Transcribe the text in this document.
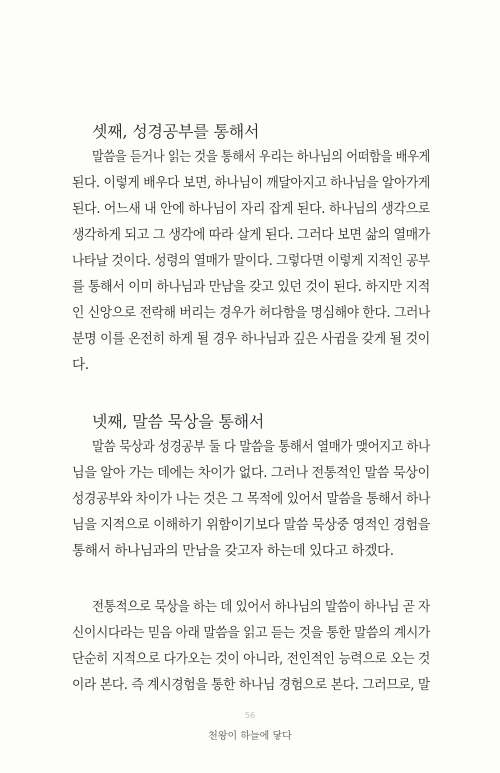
셋째, 성경공부를 통해서

말씀을 듣거나 읽는 것을 통해서 우리는 하나님의 어떠함을 배우게

된다. 이렇게 배우다 보면, 하나님이 깨달아지고 하나님을 알아가게

된다. 어느새 내 안에 하나님이 자리 잡게 된다. 하나님의 생각으로

생각하게 되고 그 생각에 따라 살게 된다. 그러다 보면 삶의 열매가

나타날 것이다. 성령의 열매가 말이다. 그렇다면 이렇게 지적인 공부

를 통해서 이미 하나님과 만남을 갖고 있던 것이 된다. 하지만 지적

인 신앙으로 전락해 버리는 경우가 허다함을 명심해야 한다. 그러나

분명 이를 온전히 하게 될 경우 하나님과 깊은 사귐을 갖게 될 것이

다.

넷째, 말씀 묵상을 통해서

말씀 묵상과 성경공부 둘 다 말씀을 통해서 열매가 맺어지고 하나

님을 알아 가는 데에는 차이가 없다. 그러나 전통적인 말씀 묵상이

성경공부와 차이가 나는 것은 그 목적에 있어서 말씀을 통해서 하나

님을 지적으로 이해하기 위함이기보다 말씀 묵상중 영적인 경험을

통해서 하나님과의 만남을 갖고자 하는데 있다고 하겠다.

전통적으로 묵상을 하는 데 있어서 하나님의 말씀이 하나님 곧 자

신이시다라는 믿음 아래 말씀을 읽고 듣는 것을 통한 말씀의 계시가

단순히 지적으로 다가오는 것이 아니라, 전인적인 능력으로 오는 것

이라 본다. 즉 계시경험을 통한 하나님 경험으로 본다. 그러므로, 말

56
천왕이 하늘에 닿다
